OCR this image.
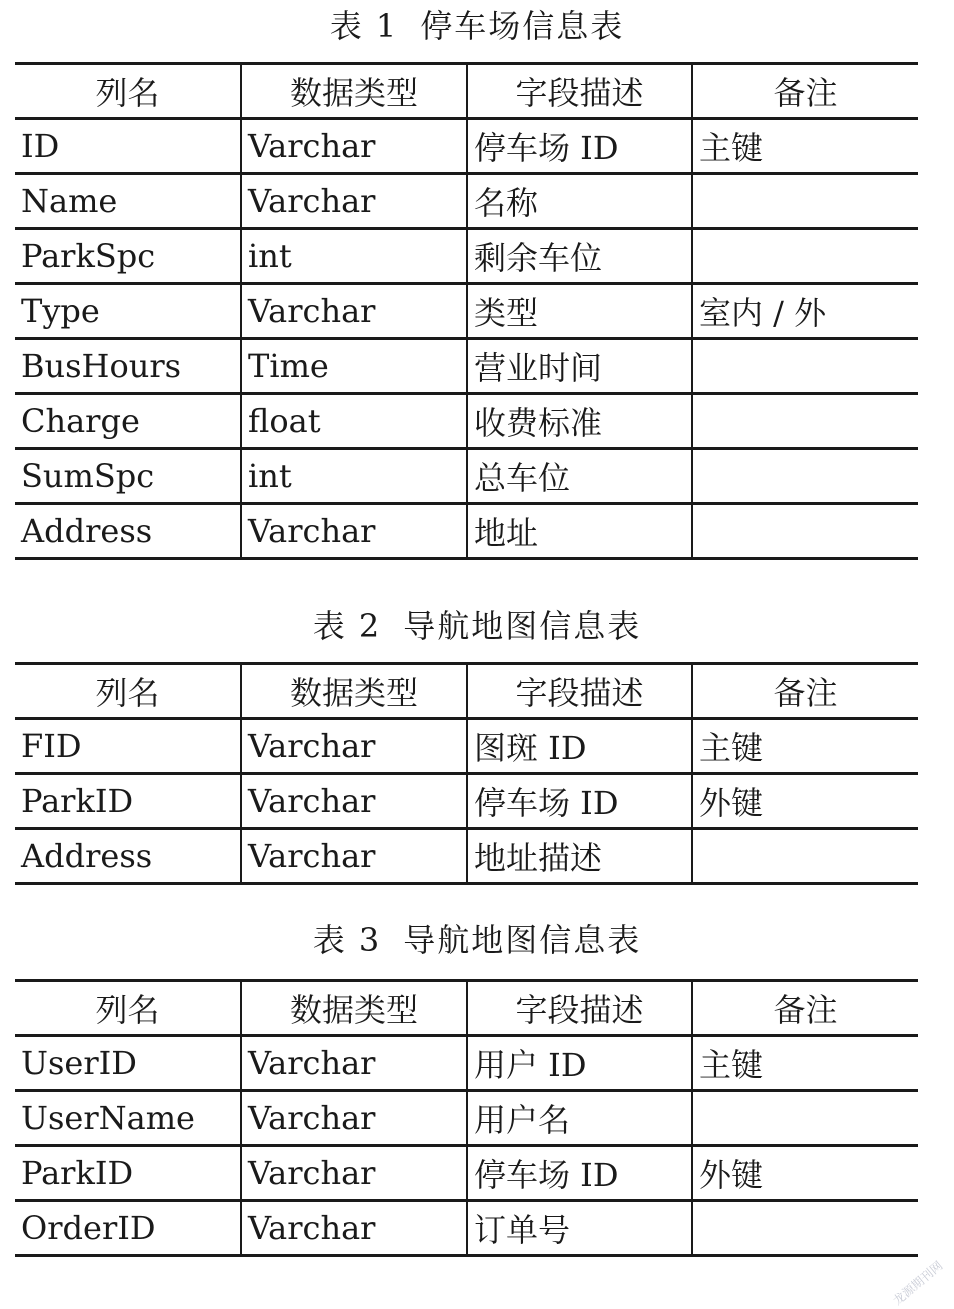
表 1 停车场信息表
列名	数据类型	字段描述	备注
ID	Varchar	停车场 ID	主键
Name	Varchar	名称	
ParkSpc	int	剩余车位	
Type	Varchar	类型	室内 / 外
BusHours	Time	营业时间	
Charge	float	收费标准	
SumSpc	int	总车位	
Address	Varchar	地址	
表 2 导航地图信息表
列名	数据类型	字段描述	备注
FID	Varchar	图斑 ID	主键
ParkID	Varchar	停车场 ID	外键
Address	Varchar	地址描述	
表 3 导航地图信息表
列名	数据类型	字段描述	备注
UserID	Varchar	用户 ID	主键
UserName	Varchar	用户名	
ParkID	Varchar	停车场 ID	外键
OrderID	Varchar	订单号	
龙源期刊网
